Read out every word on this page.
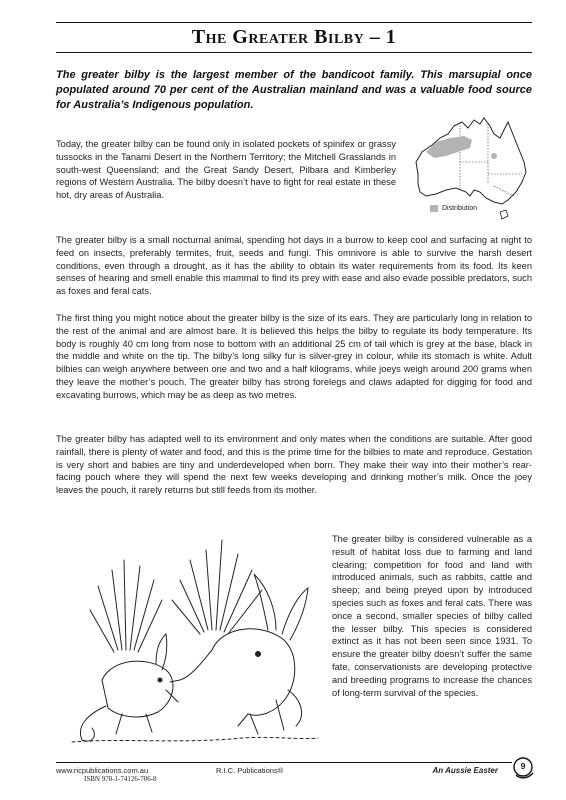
The Greater Bilby – 1
The greater bilby is the largest member of the bandicoot family. This marsupial once populated around 70 per cent of the Australian mainland and was a valuable food source for Australia’s Indigenous population.

Today, the greater bilby can be found only in isolated pockets of spinifex or grassy tussocks in the Tanami Desert in the Northern Territory; the Mitchell Grasslands in south-west Queensland; and the Great Sandy Desert, Pilbara and Kimberley regions of Western Australia. The bilby doesn’t have to fight for real estate in these hot, dry areas of Australia.

Distribution

The greater bilby is a small nocturnal animal, spending hot days in a burrow to keep cool and surfacing at night to feed on insects, preferably termites, fruit, seeds and fungi. This omnivore is able to survive the harsh desert conditions, even through a drought, as it has the ability to obtain its water requirements from its food. Its keen senses of hearing and smell enable this mammal to find its prey with ease and also evade possible predators, such as foxes and feral cats.

The first thing you might notice about the greater bilby is the size of its ears. They are particularly long in relation to the rest of the animal and are almost bare. It is believed this helps the bilby to regulate its body temperature. Its body is roughly 40 cm long from nose to bottom with an additional 25 cm of tail which is grey at the base, black in the middle and white on the tip. The bilby’s long silky fur is silver-grey in colour, while its stomach is white. Adult bilbies can weigh anywhere between one and two and a half kilograms, while joeys weigh around 200 grams when they leave the mother’s pouch. The greater bilby has strong forelegs and claws adapted for digging for food and excavating burrows, which may be as deep as two metres.

The greater bilby has adapted well to its environment and only mates when the conditions are suitable. After good rainfall, there is plenty of water and food, and this is the prime time for the bilbies to mate and reproduce. Gestation is very short and babies are tiny and underdeveloped when born. They make their way into their mother’s rear-facing pouch where they will spend the next few weeks developing and drinking mother’s milk. Once the joey leaves the pouch, it rarely returns but still feeds from its mother.

The greater bilby is considered vulnerable as a result of habitat loss due to farming and land clearing; competition for food and land with introduced animals, such as rabbits, cattle and sheep; and being preyed upon by introduced species such as foxes and feral cats. There was once a second, smaller species of bilby called the lesser bilby. This species is considered extinct as it has not been seen since 1931. To ensure the greater bilby doesn’t suffer the same fate, conservationists are developing protective and breeding programs to increase the chances of long-term survival of the species.

www.ricpublications.com.au	R.I.C. Publications®
ISBN 978-1-74126-706-8
An Aussie Easter	9
